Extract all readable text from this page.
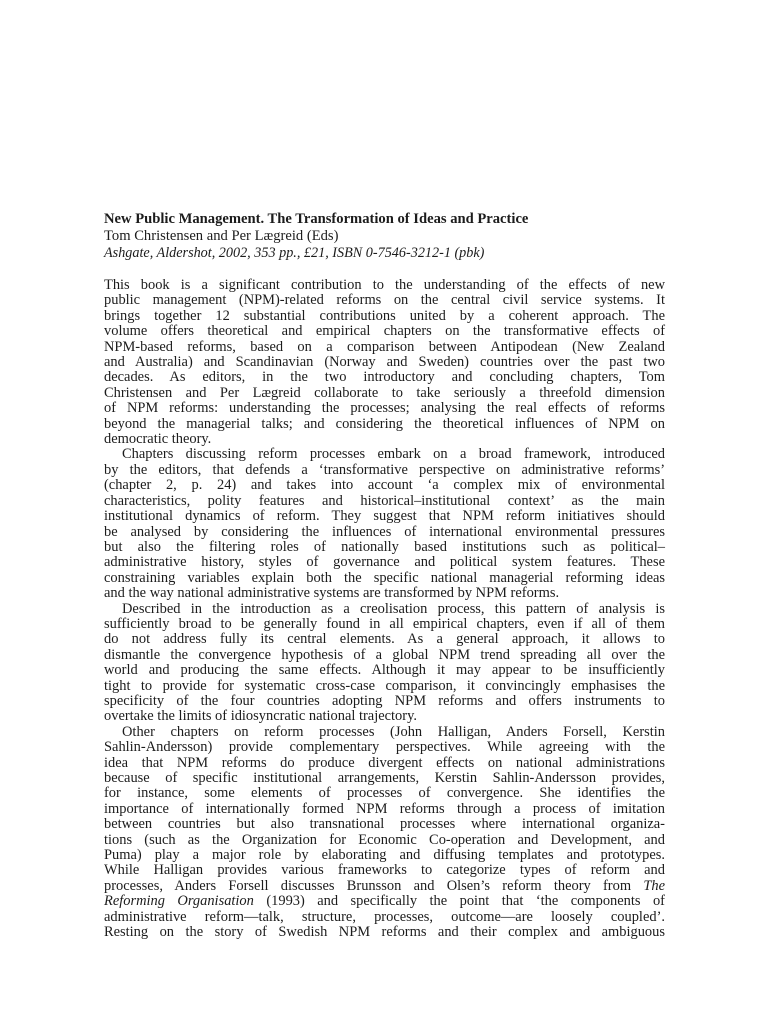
New Public Management. The Transformation of Ideas and Practice

Tom Christensen and Per Lægreid (Eds)

Ashgate, Aldershot, 2002, 353 pp., £21, ISBN 0-7546-3212-1 (pbk)

This book is a significant contribution to the understanding of the effects of new
public management (NPM)-related reforms on the central civil service systems. It
brings together 12 substantial contributions united by a coherent approach. The
volume offers theoretical and empirical chapters on the transformative effects of
NPM-based reforms, based on a comparison between Antipodean (New Zealand
and Australia) and Scandinavian (Norway and Sweden) countries over the past two
decades. As editors, in the two introductory and concluding chapters, Tom
Christensen and Per Lægreid collaborate to take seriously a threefold dimension
of NPM reforms: understanding the processes; analysing the real effects of reforms
beyond the managerial talks; and considering the theoretical influences of NPM on
democratic theory.
Chapters discussing reform processes embark on a broad framework, introduced
by the editors, that defends a ‘transformative perspective on administrative reforms’
(chapter 2, p. 24) and takes into account ‘a complex mix of environmental
characteristics, polity features and historical–institutional context’ as the main
institutional dynamics of reform. They suggest that NPM reform initiatives should
be analysed by considering the influences of international environmental pressures
but also the filtering roles of nationally based institutions such as political–
administrative history, styles of governance and political system features. These
constraining variables explain both the specific national managerial reforming ideas
and the way national administrative systems are transformed by NPM reforms.
Described in the introduction as a creolisation process, this pattern of analysis is
sufficiently broad to be generally found in all empirical chapters, even if all of them
do not address fully its central elements. As a general approach, it allows to
dismantle the convergence hypothesis of a global NPM trend spreading all over the
world and producing the same effects. Although it may appear to be insufficiently
tight to provide for systematic cross-case comparison, it convincingly emphasises the
specificity of the four countries adopting NPM reforms and offers instruments to
overtake the limits of idiosyncratic national trajectory.
Other chapters on reform processes (John Halligan, Anders Forsell, Kerstin
Sahlin-Andersson) provide complementary perspectives. While agreeing with the
idea that NPM reforms do produce divergent effects on national administrations
because of specific institutional arrangements, Kerstin Sahlin-Andersson provides,
for instance, some elements of processes of convergence. She identifies the
importance of internationally formed NPM reforms through a process of imitation
between countries but also transnational processes where international organiza-
tions (such as the Organization for Economic Co-operation and Development, and
Puma) play a major role by elaborating and diffusing templates and prototypes.
While Halligan provides various frameworks to categorize types of reform and
processes, Anders Forsell discusses Brunsson and Olsen’s reform theory from The
Reforming Organisation (1993) and specifically the point that ‘the components of
administrative reform—talk, structure, processes, outcome—are loosely coupled’.
Resting on the story of Swedish NPM reforms and their complex and ambiguous
